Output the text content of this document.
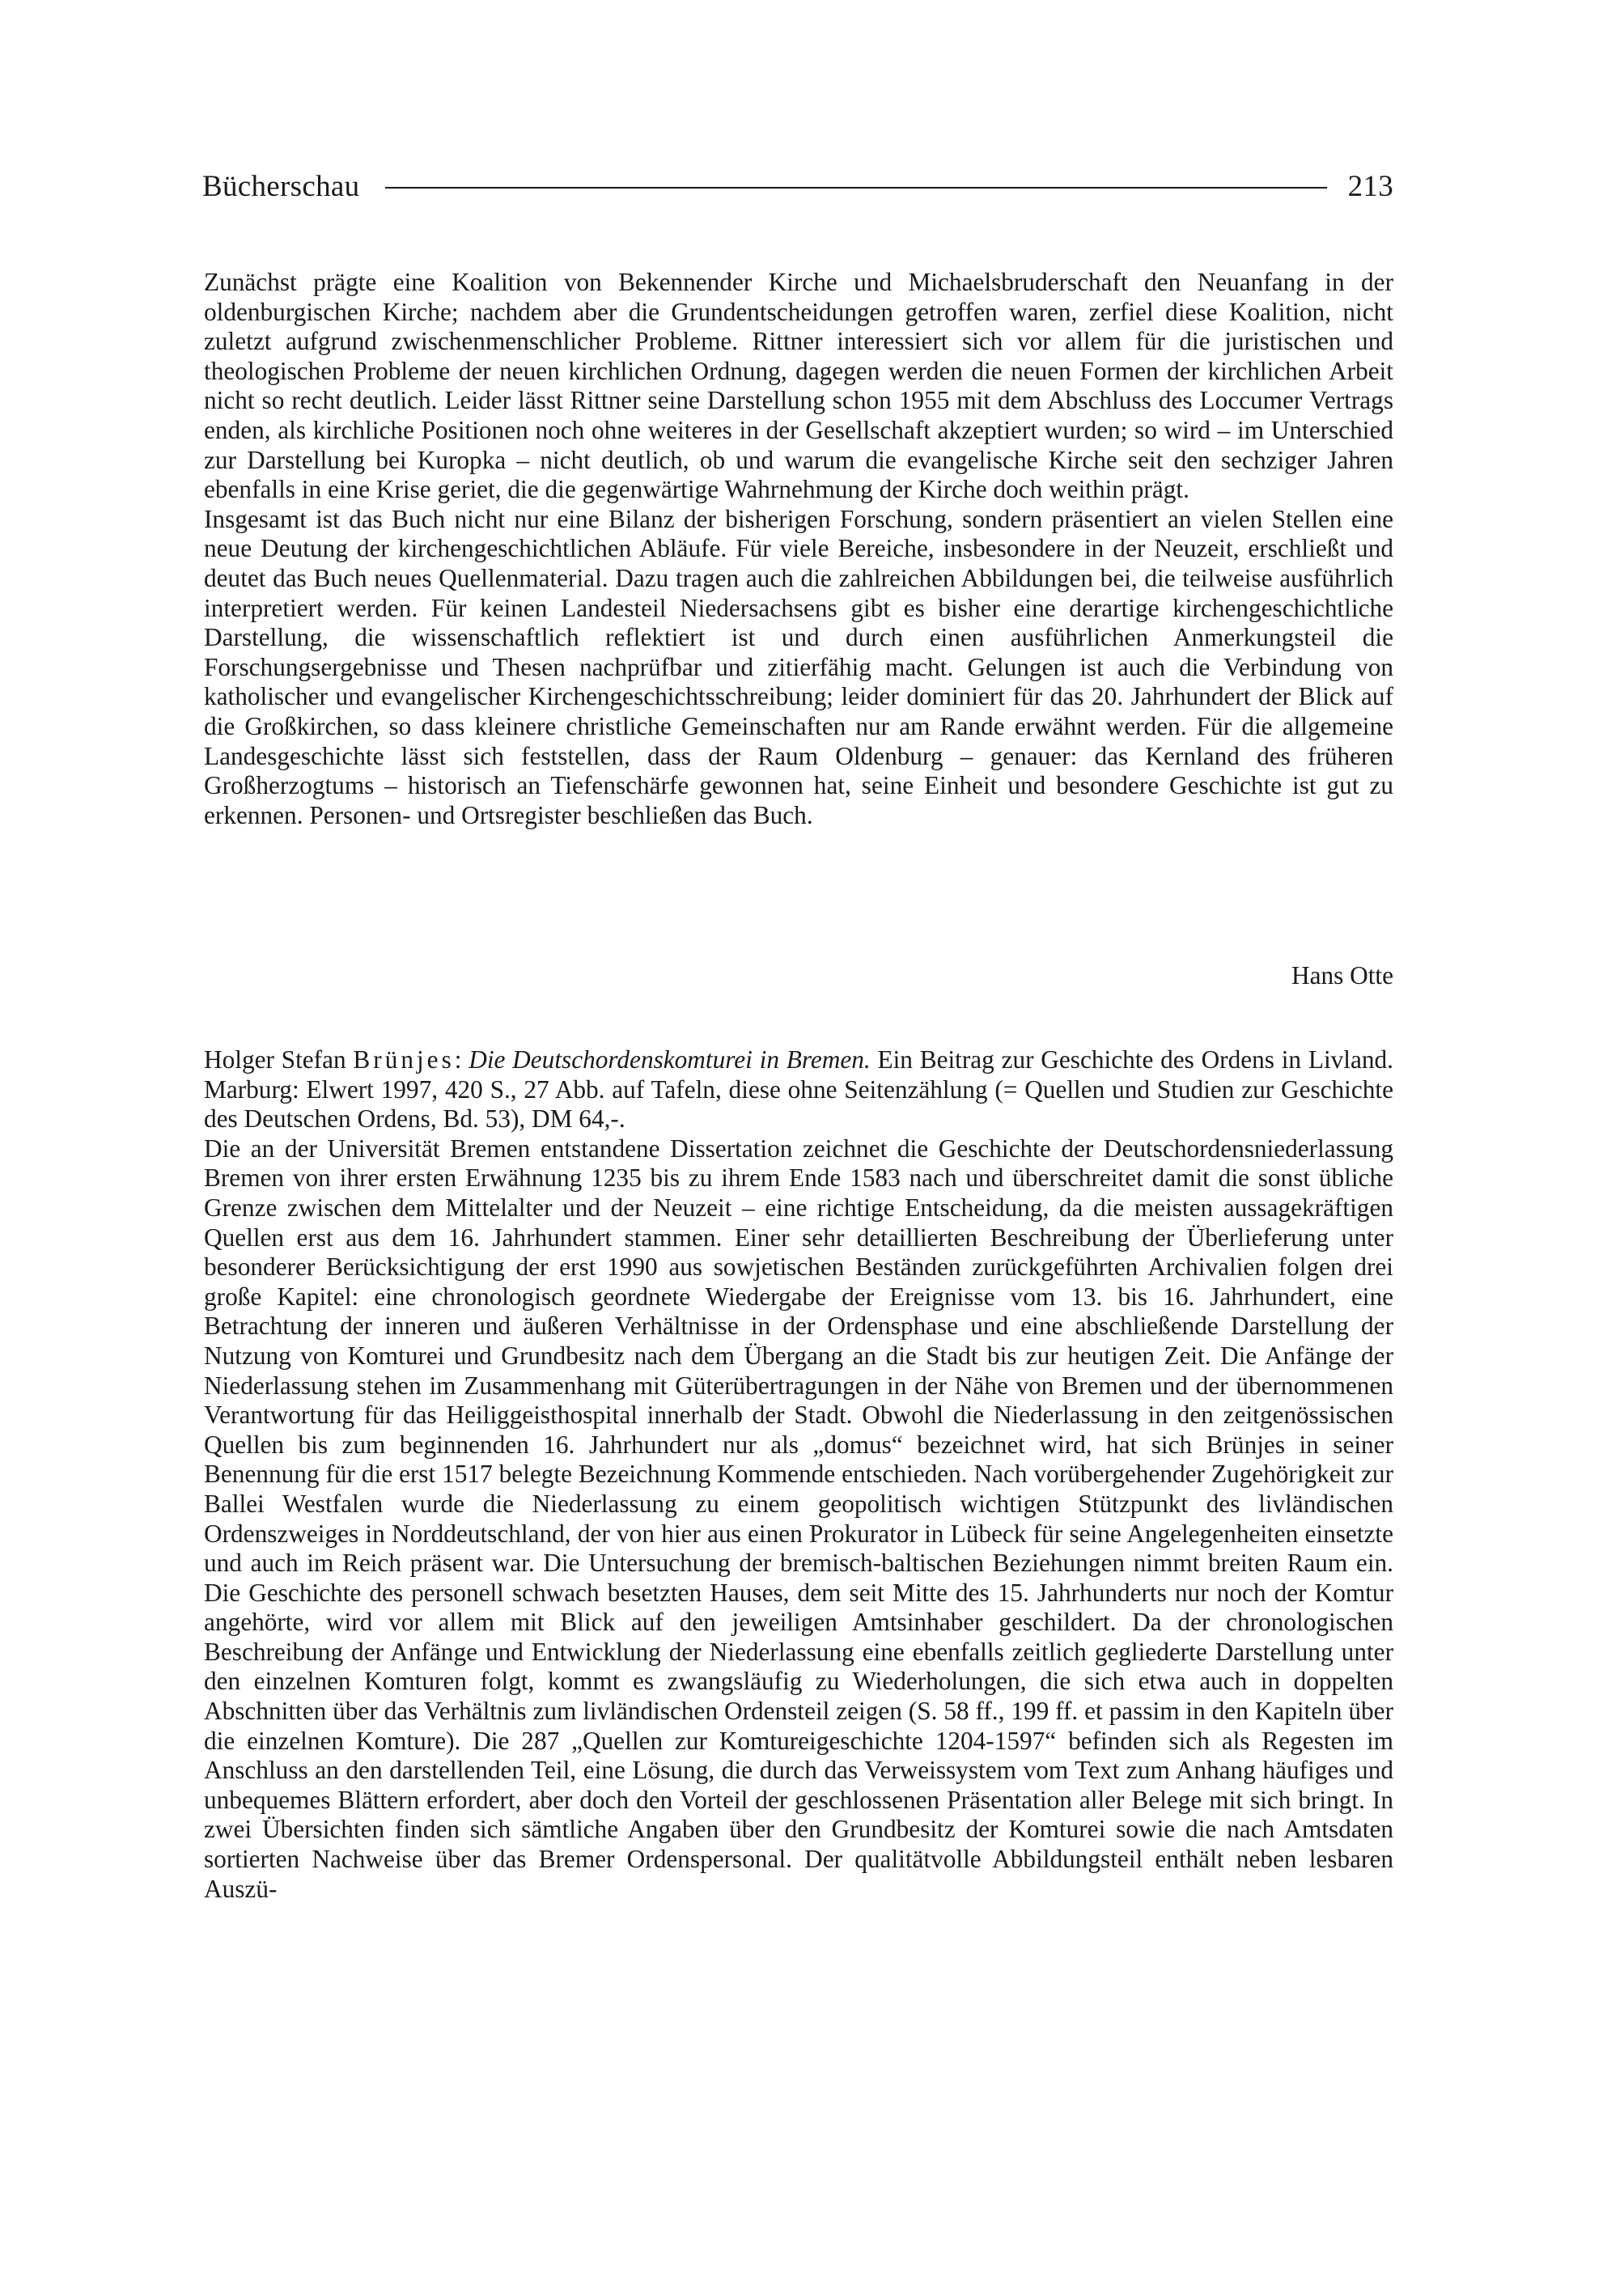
Bücherschau	213

Zunächst prägte eine Koalition von Bekennender Kirche und Michaelsbruderschaft den Neuanfang in der oldenburgischen Kirche; nachdem aber die Grundentscheidungen getroffen waren, zerfiel diese Koalition, nicht zuletzt aufgrund zwischenmenschlicher Probleme. Rittner interessiert sich vor allem für die juristischen und theologischen Probleme der neuen kirchlichen Ordnung, dagegen werden die neuen Formen der kirchlichen Arbeit nicht so recht deutlich. Leider lässt Rittner seine Darstellung schon 1955 mit dem Abschluss des Loccumer Vertrags enden, als kirchliche Positionen noch ohne weiteres in der Gesellschaft akzeptiert wurden; so wird – im Unterschied zur Darstellung bei Kuropka – nicht deutlich, ob und warum die evangelische Kirche seit den sechziger Jahren ebenfalls in eine Krise geriet, die die gegenwärtige Wahrnehmung der Kirche doch weithin prägt.

Insgesamt ist das Buch nicht nur eine Bilanz der bisherigen Forschung, sondern präsentiert an vielen Stellen eine neue Deutung der kirchengeschichtlichen Abläufe. Für viele Bereiche, insbesondere in der Neuzeit, erschließt und deutet das Buch neues Quellenmaterial. Dazu tragen auch die zahlreichen Abbildungen bei, die teilweise ausführlich interpretiert werden. Für keinen Landesteil Niedersachsens gibt es bisher eine derartige kirchengeschichtliche Darstellung, die wissenschaftlich reflektiert ist und durch einen ausführlichen Anmerkungsteil die Forschungsergebnisse und Thesen nachprüfbar und zitierfähig macht. Gelungen ist auch die Verbindung von katholischer und evangelischer Kirchengeschichtsschreibung; leider dominiert für das 20. Jahrhundert der Blick auf die Großkirchen, so dass kleinere christliche Gemeinschaften nur am Rande erwähnt werden. Für die allgemeine Landesgeschichte lässt sich feststellen, dass der Raum Oldenburg – genauer: das Kernland des früheren Großherzogtums – historisch an Tiefenschärfe gewonnen hat, seine Einheit und besondere Geschichte ist gut zu erkennen. Personen- und Ortsregister beschließen das Buch.

Hans Otte

Holger Stefan Brünjes: Die Deutschordenskomturei in Bremen. Ein Beitrag zur Geschichte des Ordens in Livland. Marburg: Elwert 1997, 420 S., 27 Abb. auf Tafeln, diese ohne Seitenzählung (= Quellen und Studien zur Geschichte des Deutschen Ordens, Bd. 53), DM 64,-.

Die an der Universität Bremen entstandene Dissertation zeichnet die Geschichte der Deutschordensniederlassung Bremen von ihrer ersten Erwähnung 1235 bis zu ihrem Ende 1583 nach und überschreitet damit die sonst übliche Grenze zwischen dem Mittelalter und der Neuzeit – eine richtige Entscheidung, da die meisten aussagekräftigen Quellen erst aus dem 16. Jahrhundert stammen. Einer sehr detaillierten Beschreibung der Überlieferung unter besonderer Berücksichtigung der erst 1990 aus sowjetischen Beständen zurückgeführten Archivalien folgen drei große Kapitel: eine chronologisch geordnete Wiedergabe der Ereignisse vom 13. bis 16. Jahrhundert, eine Betrachtung der inneren und äußeren Verhältnisse in der Ordensphase und eine abschließende Darstellung der Nutzung von Komturei und Grundbesitz nach dem Übergang an die Stadt bis zur heutigen Zeit. Die Anfänge der Niederlassung stehen im Zusammenhang mit Güterübertragungen in der Nähe von Bremen und der übernommenen Verantwortung für das Heiliggeisthospital innerhalb der Stadt. Obwohl die Niederlassung in den zeitgenössischen Quellen bis zum beginnenden 16. Jahrhundert nur als „domus“ bezeichnet wird, hat sich Brünjes in seiner Benennung für die erst 1517 belegte Bezeichnung Kommende entschieden. Nach vorübergehender Zugehörigkeit zur Ballei Westfalen wurde die Niederlassung zu einem geopolitisch wichtigen Stützpunkt des livländischen Ordenszweiges in Norddeutschland, der von hier aus einen Prokurator in Lübeck für seine Angelegenheiten einsetzte und auch im Reich präsent war. Die Untersuchung der bremisch-baltischen Beziehungen nimmt breiten Raum ein. Die Geschichte des personell schwach besetzten Hauses, dem seit Mitte des 15. Jahrhunderts nur noch der Komtur angehörte, wird vor allem mit Blick auf den jeweiligen Amtsinhaber geschildert. Da der chronologischen Beschreibung der Anfänge und Entwicklung der Niederlassung eine ebenfalls zeitlich gegliederte Darstellung unter den einzelnen Komturen folgt, kommt es zwangsläufig zu Wiederholungen, die sich etwa auch in doppelten Abschnitten über das Verhältnis zum livländischen Ordensteil zeigen (S. 58 ff., 199 ff. et passim in den Kapiteln über die einzelnen Komture). Die 287 „Quellen zur Komtureigeschichte 1204-1597“ befinden sich als Regesten im Anschluss an den darstellenden Teil, eine Lösung, die durch das Verweissystem vom Text zum Anhang häufiges und unbequemes Blättern erfordert, aber doch den Vorteil der geschlossenen Präsentation aller Belege mit sich bringt. In zwei Übersichten finden sich sämtliche Angaben über den Grundbesitz der Komturei sowie die nach Amtsdaten sortierten Nachweise über das Bremer Ordenspersonal. Der qualitätvolle Abbildungsteil enthält neben lesbaren Auszü-
